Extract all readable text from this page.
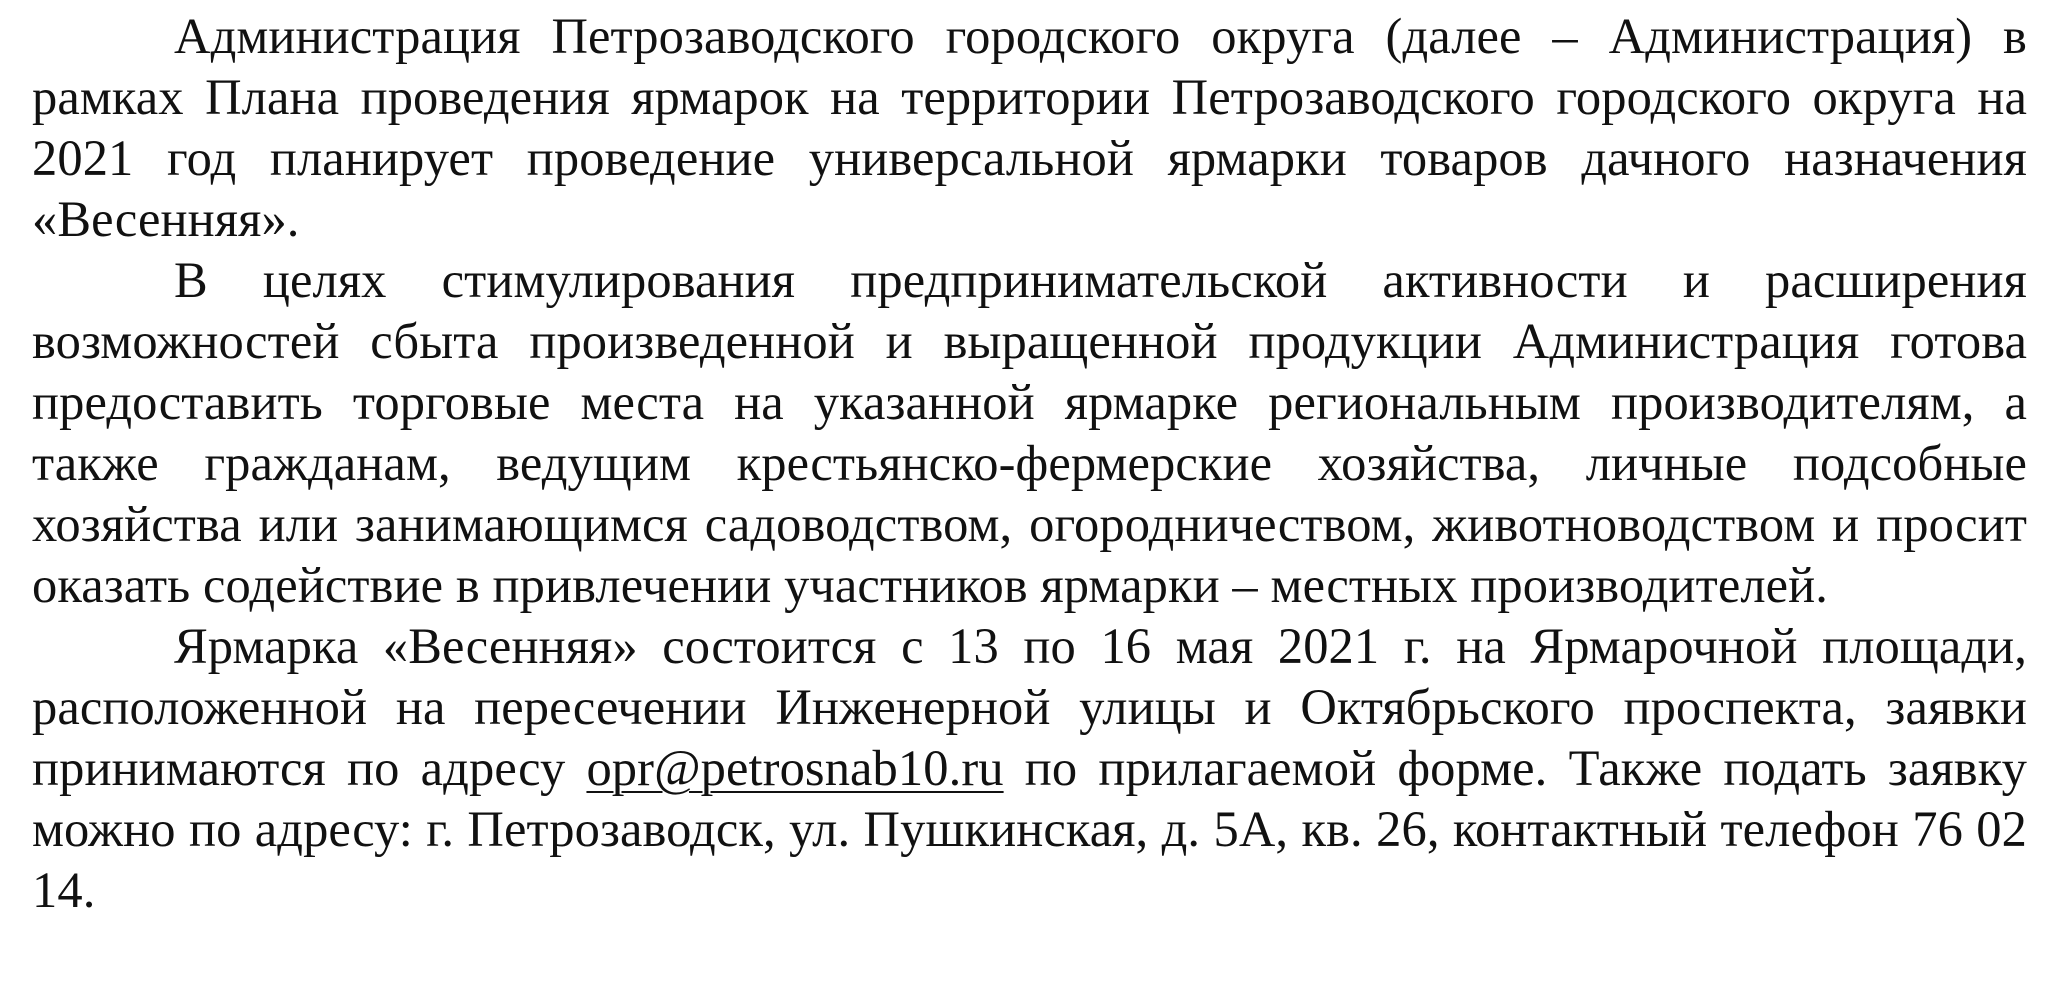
Администрация Петрозаводского городского округа (далее – Администрация) в рамках Плана проведения ярмарок на территории Петрозаводского городского округа на 2021 год планирует проведение универсальной ярмарки товаров дачного назначения «Весенняя».

В целях стимулирования предпринимательской активности и расширения возможностей сбыта произведенной и выращенной продукции Администрация готова предоставить торговые места на указанной ярмарке региональным производителям, а также гражданам, ведущим крестьянско-фермерские хозяйства, личные подсобные хозяйства или занимающимся садоводством, огородничеством, животноводством и просит оказать содействие в привлечении участников ярмарки – местных производителей.

Ярмарка «Весенняя» состоится с 13 по 16 мая 2021 г. на Ярмарочной площади, расположенной на пересечении Инженерной улицы и Октябрьского проспекта, заявки принимаются по адресу opr@petrosnab10.ru по прилагаемой форме. Также подать заявку можно по адресу: г. Петрозаводск, ул. Пушкинская, д. 5А, кв. 26, контактный телефон 76 02 14.
